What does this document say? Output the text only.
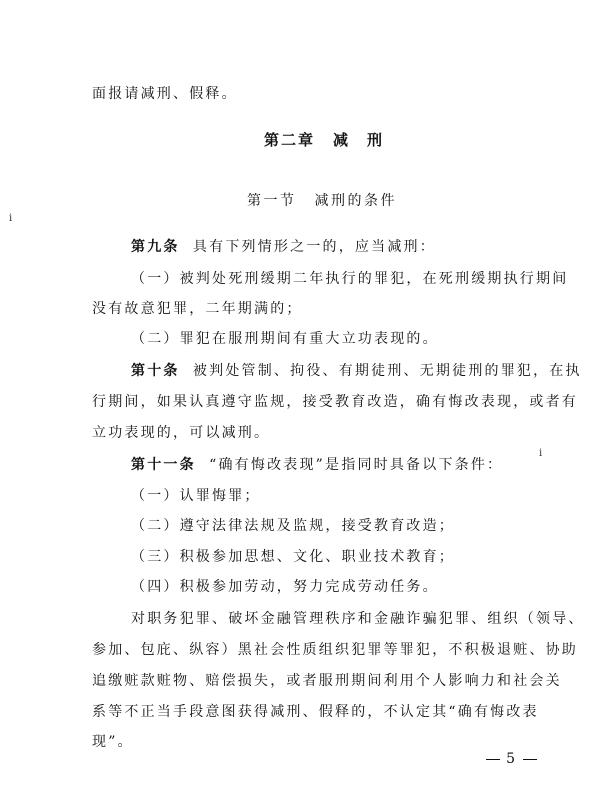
面报请减刑、假释。
第二章 减　刑
第一节 减刑的条件
第九条 具有下列情形之一的，应当减刑：
（一）被判处死刑缓期二年执行的罪犯，在死刑缓期执行期间
没有故意犯罪，二年期满的；
（二）罪犯在服刑期间有重大立功表现的。
第十条 被判处管制、拘役、有期徒刑、无期徒刑的罪犯，在执
行期间，如果认真遵守监规，接受教育改造，确有悔改表现，或者有
立功表现的，可以减刑。
第十一条 “确有悔改表现”是指同时具备以下条件：
（一）认罪悔罪；
（二）遵守法律法规及监规，接受教育改造；
（三）积极参加思想、文化、职业技术教育；
（四）积极参加劳动，努力完成劳动任务。
对职务犯罪、破坏金融管理秩序和金融诈骗犯罪、组织（领导、
参加、包庇、纵容）黑社会性质组织犯罪等罪犯，不积极退赃、协助
追缴赃款赃物、赔偿损失，或者服刑期间利用个人影响力和社会关
系等不正当手段意图获得减刑、假释的，不认定其“确有悔改表
现”。
5
ⅰ
ⅰ
